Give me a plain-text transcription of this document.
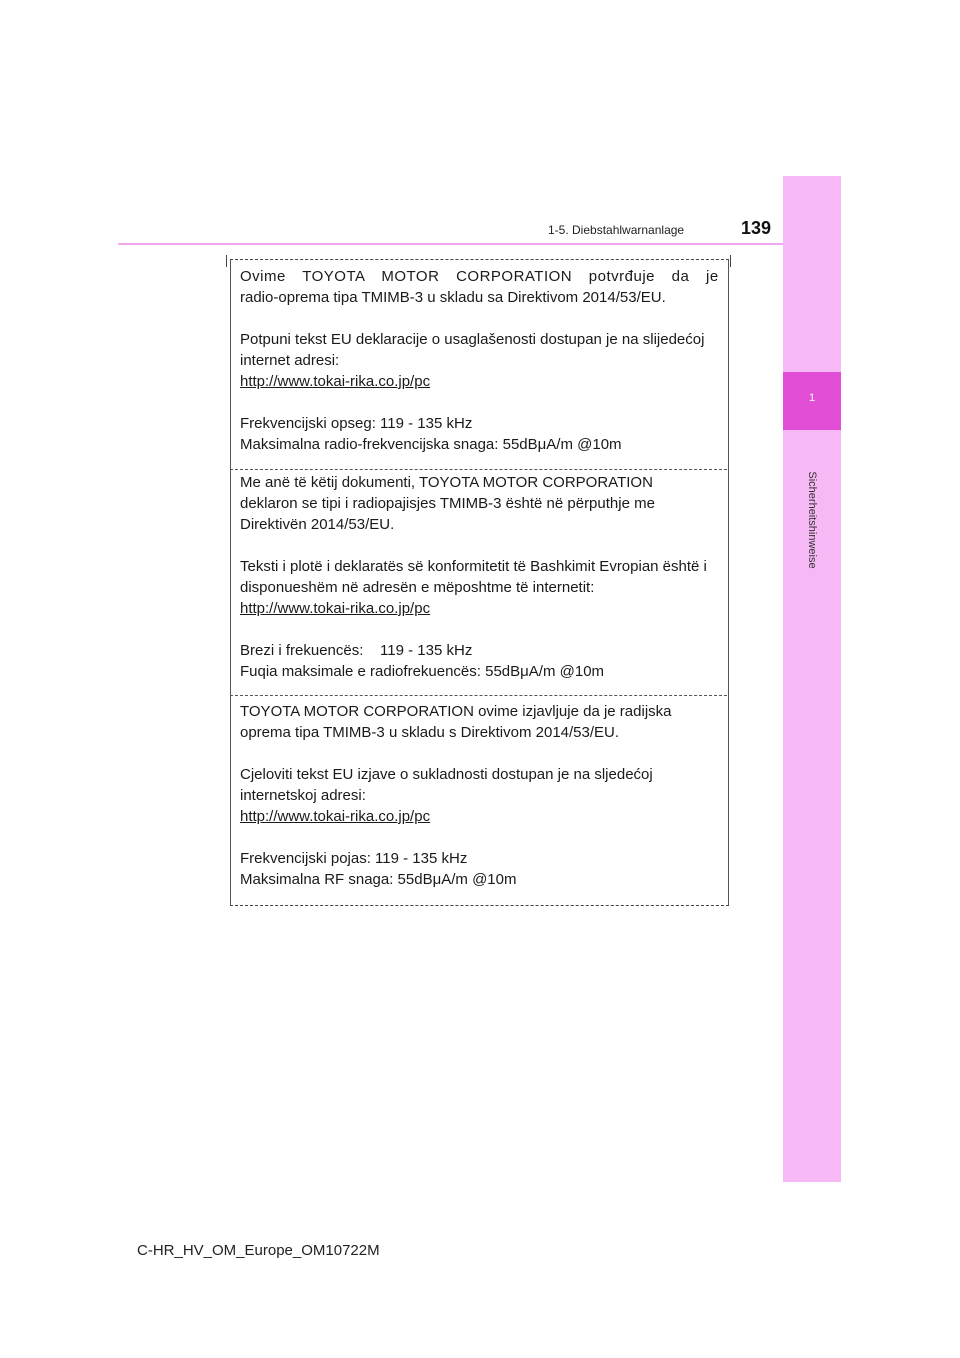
1
Sicherheitshinweise
1-5. Diebstahlwarnanlage	139

Ovime TOYOTA MOTOR CORPORATION potvrđuje da je

radio-oprema tipa TMIMB-3 u skladu sa Direktivom 2014/53/EU.

Potpuni tekst EU deklaracije o usaglašenosti dostupan je na slijedećoj

internet adresi:

http://www.tokai-rika.co.jp/pc

Frekvencijski opseg: 119 - 135 kHz

Maksimalna radio-frekvencijska snaga: 55dBμA/m @10m

Me anë të këtij dokumenti, TOYOTA MOTOR CORPORATION

deklaron se tipi i radiopajisjes TMIMB-3 është në përputhje me

Direktivën 2014/53/EU.

Teksti i plotë i deklaratës së konformitetit të Bashkimit Evropian është i

disponueshëm në adresën e mëposhtme të internetit:

http://www.tokai-rika.co.jp/pc

Brezi i frekuencës:    119 - 135 kHz

Fuqia maksimale e radiofrekuencës: 55dBμA/m @10m

TOYOTA MOTOR CORPORATION ovime izjavljuje da je radijska

oprema tipa TMIMB-3 u skladu s Direktivom 2014/53/EU.

Cjeloviti tekst EU izjave o sukladnosti dostupan je na sljedećoj

internetskoj adresi:

http://www.tokai-rika.co.jp/pc

Frekvencijski pojas: 119 - 135 kHz

Maksimalna RF snaga: 55dBμA/m @10m

C-HR_HV_OM_Europe_OM10722M
